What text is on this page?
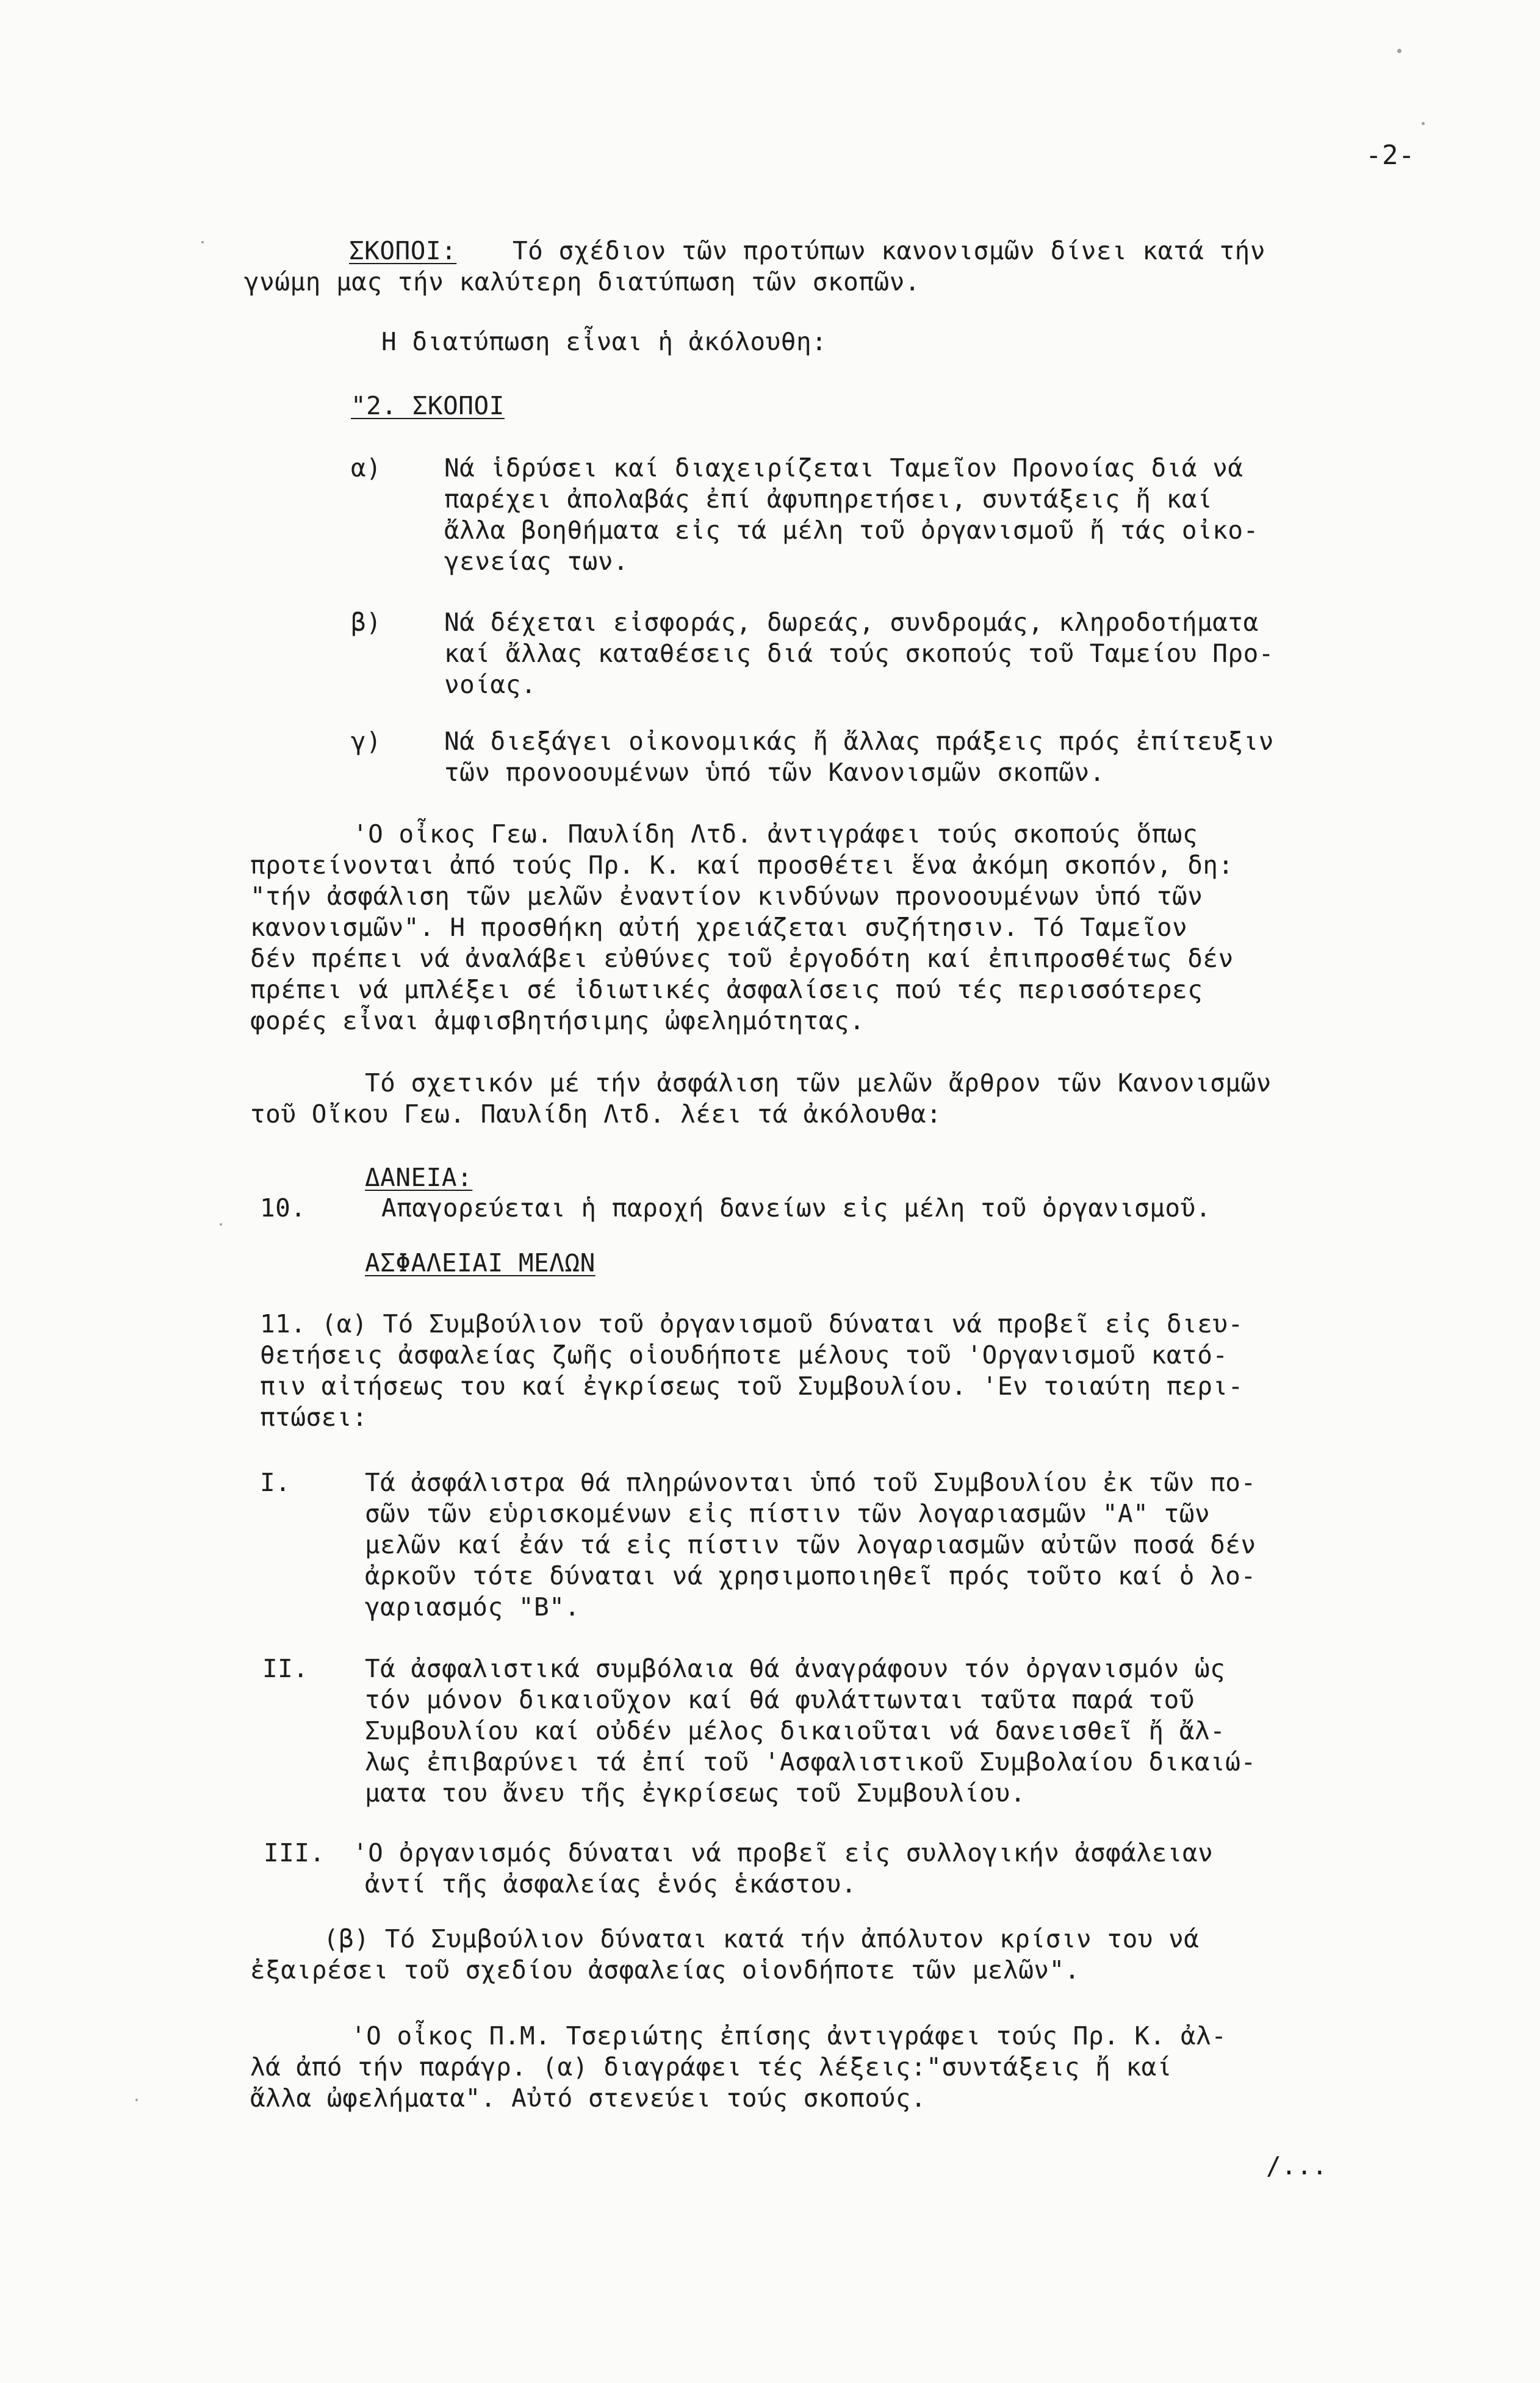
-2-
ΣΚΟΠΟΙ: Τό σχέδιον τῶν προτύπων κανονισμῶν δίνει κατά τήν
γνώμη μας τήν καλύτερη διατύπωση τῶν σκοπῶν.
Η διατύπωση εἶναι ἡ ἀκόλουθη:
"2. ΣΚΟΠΟΙ
α)	Νά ἱδρύσει καί διαχειρίζεται Ταμεῖον Προνοίας διά νά
παρέχει ἀπολαβάς ἐπί ἀφυπηρετήσει, συντάξεις ἤ καί
ἄλλα βοηθήματα εἰς τά μέλη τοῦ ὀργανισμοῦ ἤ τάς οἰκο-
γενείας των.
β)	Νά δέχεται εἰσφοράς, δωρεάς, συνδρομάς, κληροδοτήματα
καί ἄλλας καταθέσεις διά τούς σκοπούς τοῦ Ταμείου Προ-
νοίας.
γ)	Νά διεξάγει οἰκονομικάς ἤ ἄλλας πράξεις πρός ἐπίτευξιν
τῶν προνοουμένων ὑπό τῶν Κανονισμῶν σκοπῶν.
'Ο οἶκος Γεω. Παυλίδη Λτδ. ἀντιγράφει τούς σκοπούς ὅπως
προτείνονται ἀπό τούς Πρ. Κ. καί προσθέτει ἕνα ἀκόμη σκοπόν, δη:
"τήν ἀσφάλιση τῶν μελῶν ἐναντίον κινδύνων προνοουμένων ὑπό τῶν
κανονισμῶν". Η προσθήκη αὐτή χρειάζεται συζήτησιν. Τό Ταμεῖον
δέν πρέπει νά ἀναλάβει εὐθύνες τοῦ ἐργοδότη καί ἐπιπροσθέτως δέν
πρέπει νά μπλέξει σέ ἰδιωτικές ἀσφαλίσεις πού τές περισσότερες
φορές εἶναι ἀμφισβητήσιμης ὠφελημότητας.
Τό σχετικόν μέ τήν ἀσφάλιση τῶν μελῶν ἄρθρον τῶν Κανονισμῶν
τοῦ Οἴκου Γεω. Παυλίδη Λτδ. λέει τά ἀκόλουθα:
ΔΑΝΕΙΑ:
10.	Απαγορεύεται ἡ παροχή δανείων εἰς μέλη τοῦ ὀργανισμοῦ.
ΑΣΦΑΛΕΙΑΙ ΜΕΛΩΝ
11. (α) Τό Συμβούλιον τοῦ ὀργανισμοῦ δύναται νά προβεῖ εἰς διευ-
θετήσεις ἀσφαλείας ζωῆς οἱουδήποτε μέλους τοῦ 'Οργανισμοῦ κατό-
πιν αἰτήσεως του καί ἐγκρίσεως τοῦ Συμβουλίου. 'Εν τοιαύτη περι-
πτώσει:
I.	Τά ἀσφάλιστρα θά πληρώνονται ὑπό τοῦ Συμβουλίου ἐκ τῶν πο-
σῶν τῶν εὑρισκομένων εἰς πίστιν τῶν λογαριασμῶν "Α" τῶν
μελῶν καί ἐάν τά εἰς πίστιν τῶν λογαριασμῶν αὐτῶν ποσά δέν
ἀρκοῦν τότε δύναται νά χρησιμοποιηθεῖ πρός τοῦτο καί ὁ λο-
γαριασμός "Β".
II. Τά ἀσφαλιστικά συμβόλαια θά ἀναγράφουν τόν ὀργανισμόν ὡς
τόν μόνον δικαιοῦχον καί θά φυλάττωνται ταῦτα παρά τοῦ
Συμβουλίου καί οὐδέν μέλος δικαιοῦται νά δανεισθεῖ ἤ ἄλ-
λως ἐπιβαρύνει τά ἐπί τοῦ 'Ασφαλιστικοῦ Συμβολαίου δικαιώ-
ματα του ἄνευ τῆς ἐγκρίσεως τοῦ Συμβουλίου.
III. 'Ο ὀργανισμός δύναται νά προβεῖ εἰς συλλογικήν ἀσφάλειαν
ἀντί τῆς ἀσφαλείας ἑνός ἑκάστου.
(β) Τό Συμβούλιον δύναται κατά τήν ἀπόλυτον κρίσιν του νά
ἐξαιρέσει τοῦ σχεδίου ἀσφαλείας οἱονδήποτε τῶν μελῶν".
'Ο οἶκος Π.Μ. Τσεριώτης ἐπίσης ἀντιγράφει τούς Πρ. Κ. ἀλ-
λά ἀπό τήν παράγρ. (α) διαγράφει τές λέξεις:"συντάξεις ἤ καί
ἄλλα ὠφελήματα". Αὐτό στενεύει τούς σκοπούς.
/...
